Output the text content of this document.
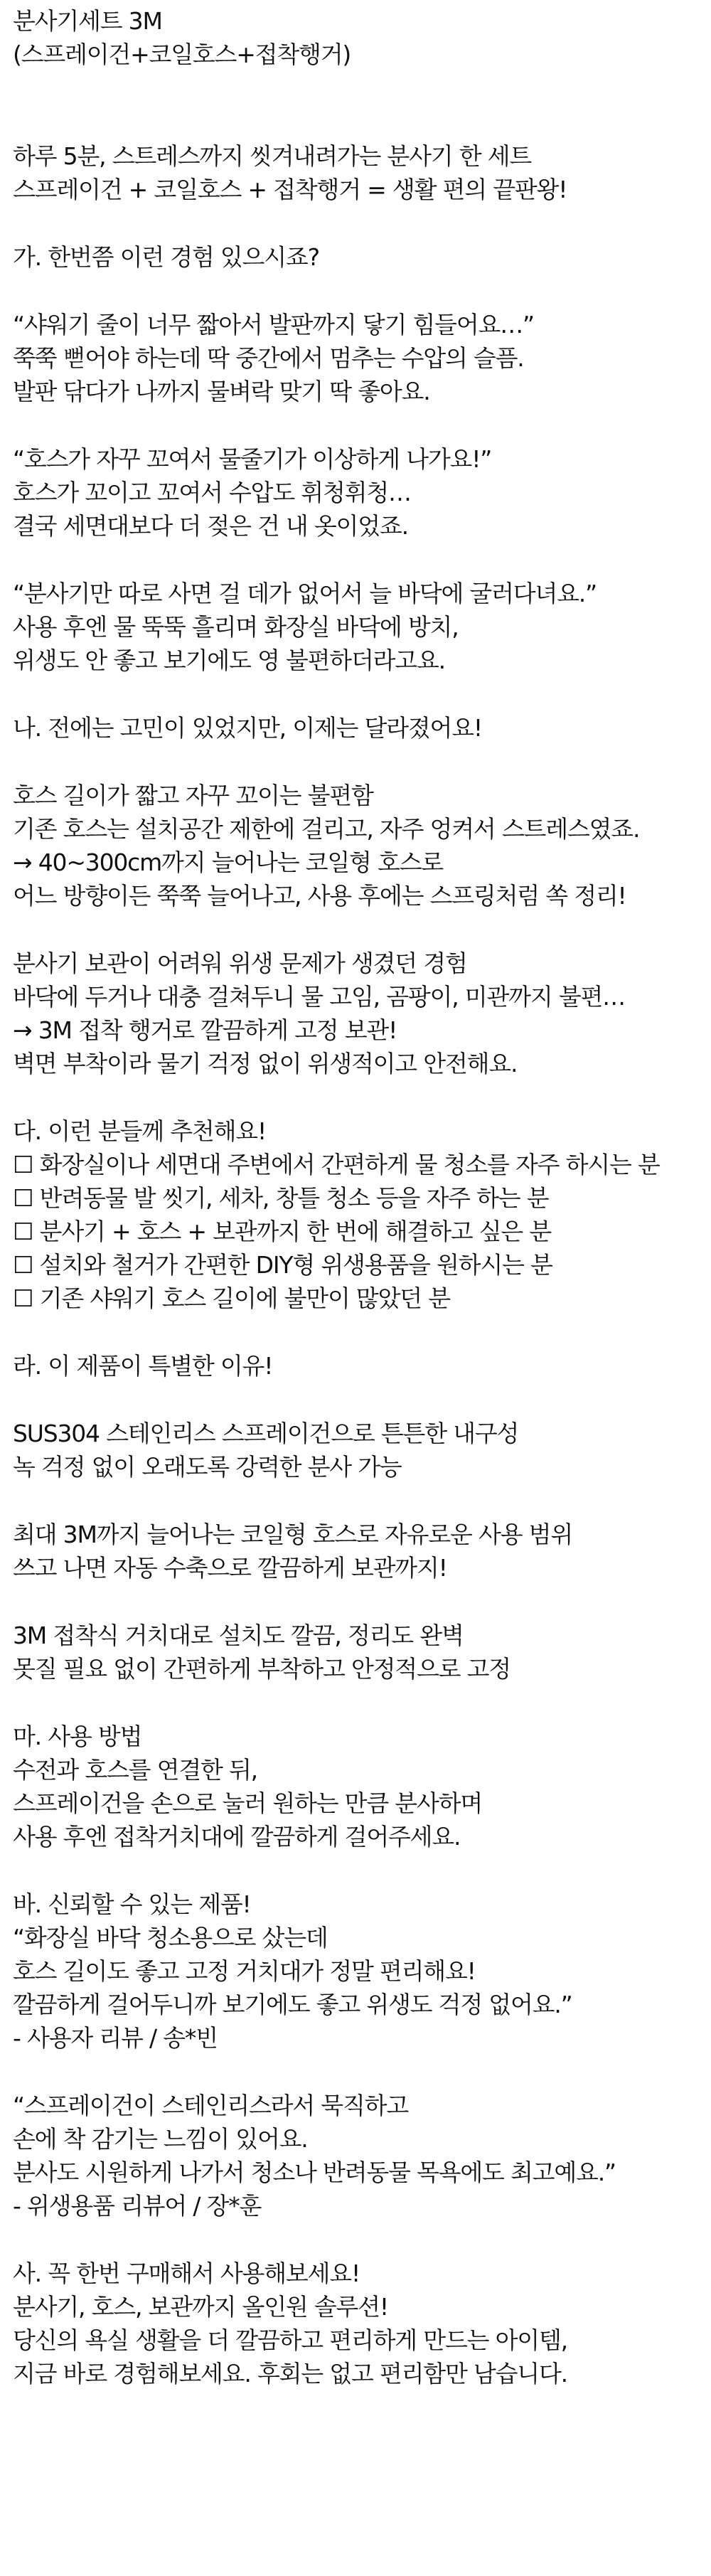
분사기세트 3M
(스프레이건+코일호스+접착행거)
하루 5분, 스트레스까지 씻겨내려가는 분사기 한 세트
스프레이건 + 코일호스 + 접착행거 = 생활 편의 끝판왕!
가. 한번쯤 이런 경험 있으시죠?
“샤워기 줄이 너무 짧아서 발판까지 닿기 힘들어요…”
쭉쭉 뻗어야 하는데 딱 중간에서 멈추는 수압의 슬픔.
발판 닦다가 나까지 물벼락 맞기 딱 좋아요.
“호스가 자꾸 꼬여서 물줄기가 이상하게 나가요!”
호스가 꼬이고 꼬여서 수압도 휘청휘청…
결국 세면대보다 더 젖은 건 내 옷이었죠.
“분사기만 따로 사면 걸 데가 없어서 늘 바닥에 굴러다녀요.”
사용 후엔 물 뚝뚝 흘리며 화장실 바닥에 방치,
위생도 안 좋고 보기에도 영 불편하더라고요.
나. 전에는 고민이 있었지만, 이제는 달라졌어요!
호스 길이가 짧고 자꾸 꼬이는 불편함
기존 호스는 설치공간 제한에 걸리고, 자주 엉켜서 스트레스였죠.
→ 40~300cm까지 늘어나는 코일형 호스로
어느 방향이든 쭉쭉 늘어나고, 사용 후에는 스프링처럼 쏙 정리!
분사기 보관이 어려워 위생 문제가 생겼던 경험
바닥에 두거나 대충 걸쳐두니 물 고임, 곰팡이, 미관까지 불편…
→ 3M 접착 행거로 깔끔하게 고정 보관!
벽면 부착이라 물기 걱정 없이 위생적이고 안전해요.
다. 이런 분들께 추천해요!
☐ 화장실이나 세면대 주변에서 간편하게 물 청소를 자주 하시는 분
☐ 반려동물 발 씻기, 세차, 창틀 청소 등을 자주 하는 분
☐ 분사기 + 호스 + 보관까지 한 번에 해결하고 싶은 분
☐ 설치와 철거가 간편한 DIY형 위생용품을 원하시는 분
☐ 기존 샤워기 호스 길이에 불만이 많았던 분
라. 이 제품이 특별한 이유!
SUS304 스테인리스 스프레이건으로 튼튼한 내구성
녹 걱정 없이 오래도록 강력한 분사 가능
최대 3M까지 늘어나는 코일형 호스로 자유로운 사용 범위
쓰고 나면 자동 수축으로 깔끔하게 보관까지!
3M 접착식 거치대로 설치도 깔끔, 정리도 완벽
못질 필요 없이 간편하게 부착하고 안정적으로 고정
마. 사용 방법
수전과 호스를 연결한 뒤,
스프레이건을 손으로 눌러 원하는 만큼 분사하며
사용 후엔 접착거치대에 깔끔하게 걸어주세요.
바. 신뢰할 수 있는 제품!
“화장실 바닥 청소용으로 샀는데
호스 길이도 좋고 고정 거치대가 정말 편리해요!
깔끔하게 걸어두니까 보기에도 좋고 위생도 걱정 없어요.”
- 사용자 리뷰 / 송*빈
“스프레이건이 스테인리스라서 묵직하고
손에 착 감기는 느낌이 있어요.
분사도 시원하게 나가서 청소나 반려동물 목욕에도 최고예요.”
- 위생용품 리뷰어 / 장*훈
사. 꼭 한번 구매해서 사용해보세요!
분사기, 호스, 보관까지 올인원 솔루션!
당신의 욕실 생활을 더 깔끔하고 편리하게 만드는 아이템,
지금 바로 경험해보세요. 후회는 없고 편리함만 남습니다.
